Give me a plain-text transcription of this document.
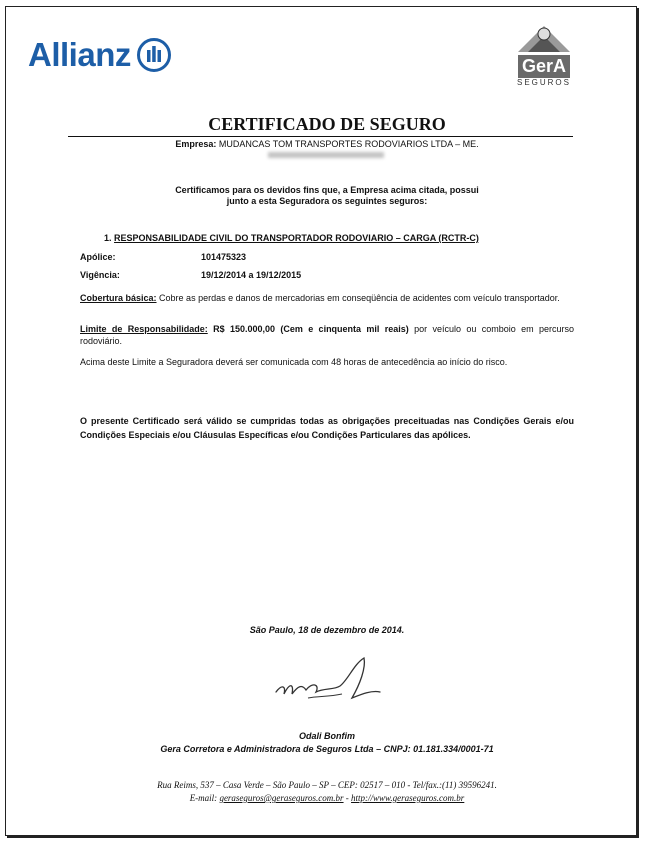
Allianz	GerA
SEGUROS
CERTIFICADO DE SEGURO
Empresa: MUDANCAS TOM TRANSPORTES RODOVIARIOS LTDA – ME.
Certificamos para os devidos fins que, a Empresa acima citada, possui
junto a esta Seguradora os seguintes seguros:
1. RESPONSABILIDADE CIVIL DO TRANSPORTADOR RODOVIARIO – CARGA (RCTR-C)
Apólice:	101475323
Vigência:	19/12/2014 a 19/12/2015
Cobertura básica: Cobre as perdas e danos de mercadorias em conseqüência de acidentes com veículo transportador.
Limite de Responsabilidade: R$ 150.000,00 (Cem e cinquenta mil reais) por veículo ou comboio em percurso rodoviário.
Acima deste Limite a Seguradora deverá ser comunicada com 48 horas de antecedência ao início do risco.
O presente Certificado será válido se cumpridas todas as obrigações preceituadas nas Condições Gerais e/ou Condições Especiais e/ou Cláusulas Específicas e/ou Condições Particulares das apólices.
São Paulo, 18 de dezembro de 2014.
Odali Bonfim
Gera Corretora e Administradora de Seguros Ltda – CNPJ: 01.181.334/0001-71
Rua Reims, 537 – Casa Verde – São Paulo – SP – CEP: 02517 – 010 - Tel/fax.:(11) 39596241.
E-mail: geraseguros@geraseguros.com.br - http://www.geraseguros.com.br
